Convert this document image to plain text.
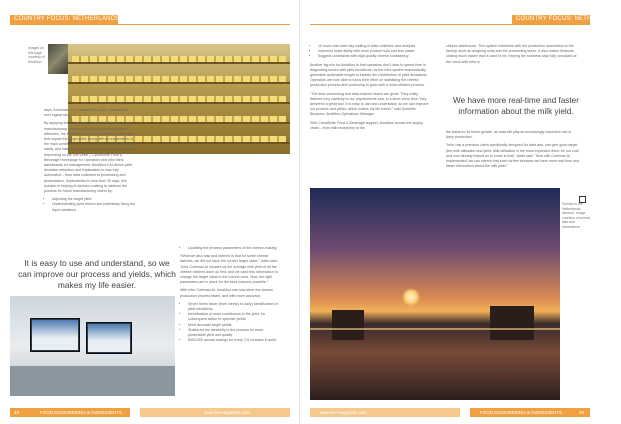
COUNTRY FOCUS: NETHERLANDS
Images on this page courtesy of AmaMoo

days. Automation is in AmaMoo's nature, that was the next logical step.

By applying Infor Coleman AI-based intelligence to point manufacturing order schedules and other production attributes, the Machine Learning model detects batches that impact the target yield, along with an explanation of the main contributors to the calculation. This process can easily, and insights are delivered through Rule & Interface depending on the unit Level – CloudSuite Food & Beverage Homepage for Operators and Infor Birst dashboards for management. AmaMoo's AI-driven yield deviation detection and explanation is now fully automated – from data collection to processing and presentation. Implemented in less than 30 days, this solution is helping in decision making to address the process for future manufacturing orders by:

• Adjusting the target yield
• Understanding yield drivers and potentially fixing the input variations
It is easy to use and understand, so we can improve our process and yields, which makes my life easier.
• Updating the process parameters of the cheese-making

"What we also saw and learned is that for some cheese batches, we did not have the correct target value," Aarts said. "Infor Coleman AI showed us the average milk yield of all the cheese batches done up first, and we used this information to change the target value to the correct ones. Now, the right parameters are in place for the best outcome possible."

With Infor Coleman AI, AmaMoo can now steer the cheese production process faster, and with more accuracy:

• Seven times faster (from weekly to daily) identification of yield deviations
• Identification of main contributors to the yield, for subsequent action to optimise yields
• More accurate target yields
• Shattered the variability in the process for more predictable yield and quality
• €500,000 annual savings for every 1% increase in yield
48	FOOD ENGINEERING & INGREDIENTS	www.fei-magazine.com
COUNTRY FOCUS: NETHERLANDS
• 10 hours lost each day waiting in data collection and analysis
• Improved scale ability with more product sold and less waste
• Suggest constraints with high-quality cheese consistency

Another big win for AmaMoo is that operators don't have to spend time in diagnosing issues with yield deviations, as the Infor system automatically generates actionable insight to explain the contributors to yield deviations. Operators are now able to focus their effort on stabilising the cheese production process and continuing to grow with a more efficient process.

"The time-consuming and data-science teams are great. They really listened very carefully to our requirements and, in a short client time, they delivered a great tool. It is easy to use and understand, so we can improve our process and yields, which makes my life easier," said Quintelle Bloopers, AmaMoo Operations Manager.

With CloudSuite Food & Beverage support, AmaMoo across the supply chain – from milk receptions to the

cheese warehouse. This system interfaces with the production automation in the factory, such as weighing units and the proceeding lanes. It also makes financial closing much easier than it used to be, helping the business stay fully compliant at the cloud with Infor is

We have more real-time and faster information about the milk yield.

the basis for its future growth, as data will play an increasingly important role in dairy production.

"Infor has a premium client-specifically designed for data and, can give good target (the milk utilisation and yield. Milk utilisation is the most important driver for our cost, and now already helped us to come in that," Aarts said. "Now with Coleman AI implemented, we can stretch that even further because we have more real-time and faster information about the milk yield."

Sunrise in the Netherlands, inbound. Image courtesy of sunset-lake and dreamstime
www.fei-magazine.com	FOOD ENGINEERING & INGREDIENTS	49
